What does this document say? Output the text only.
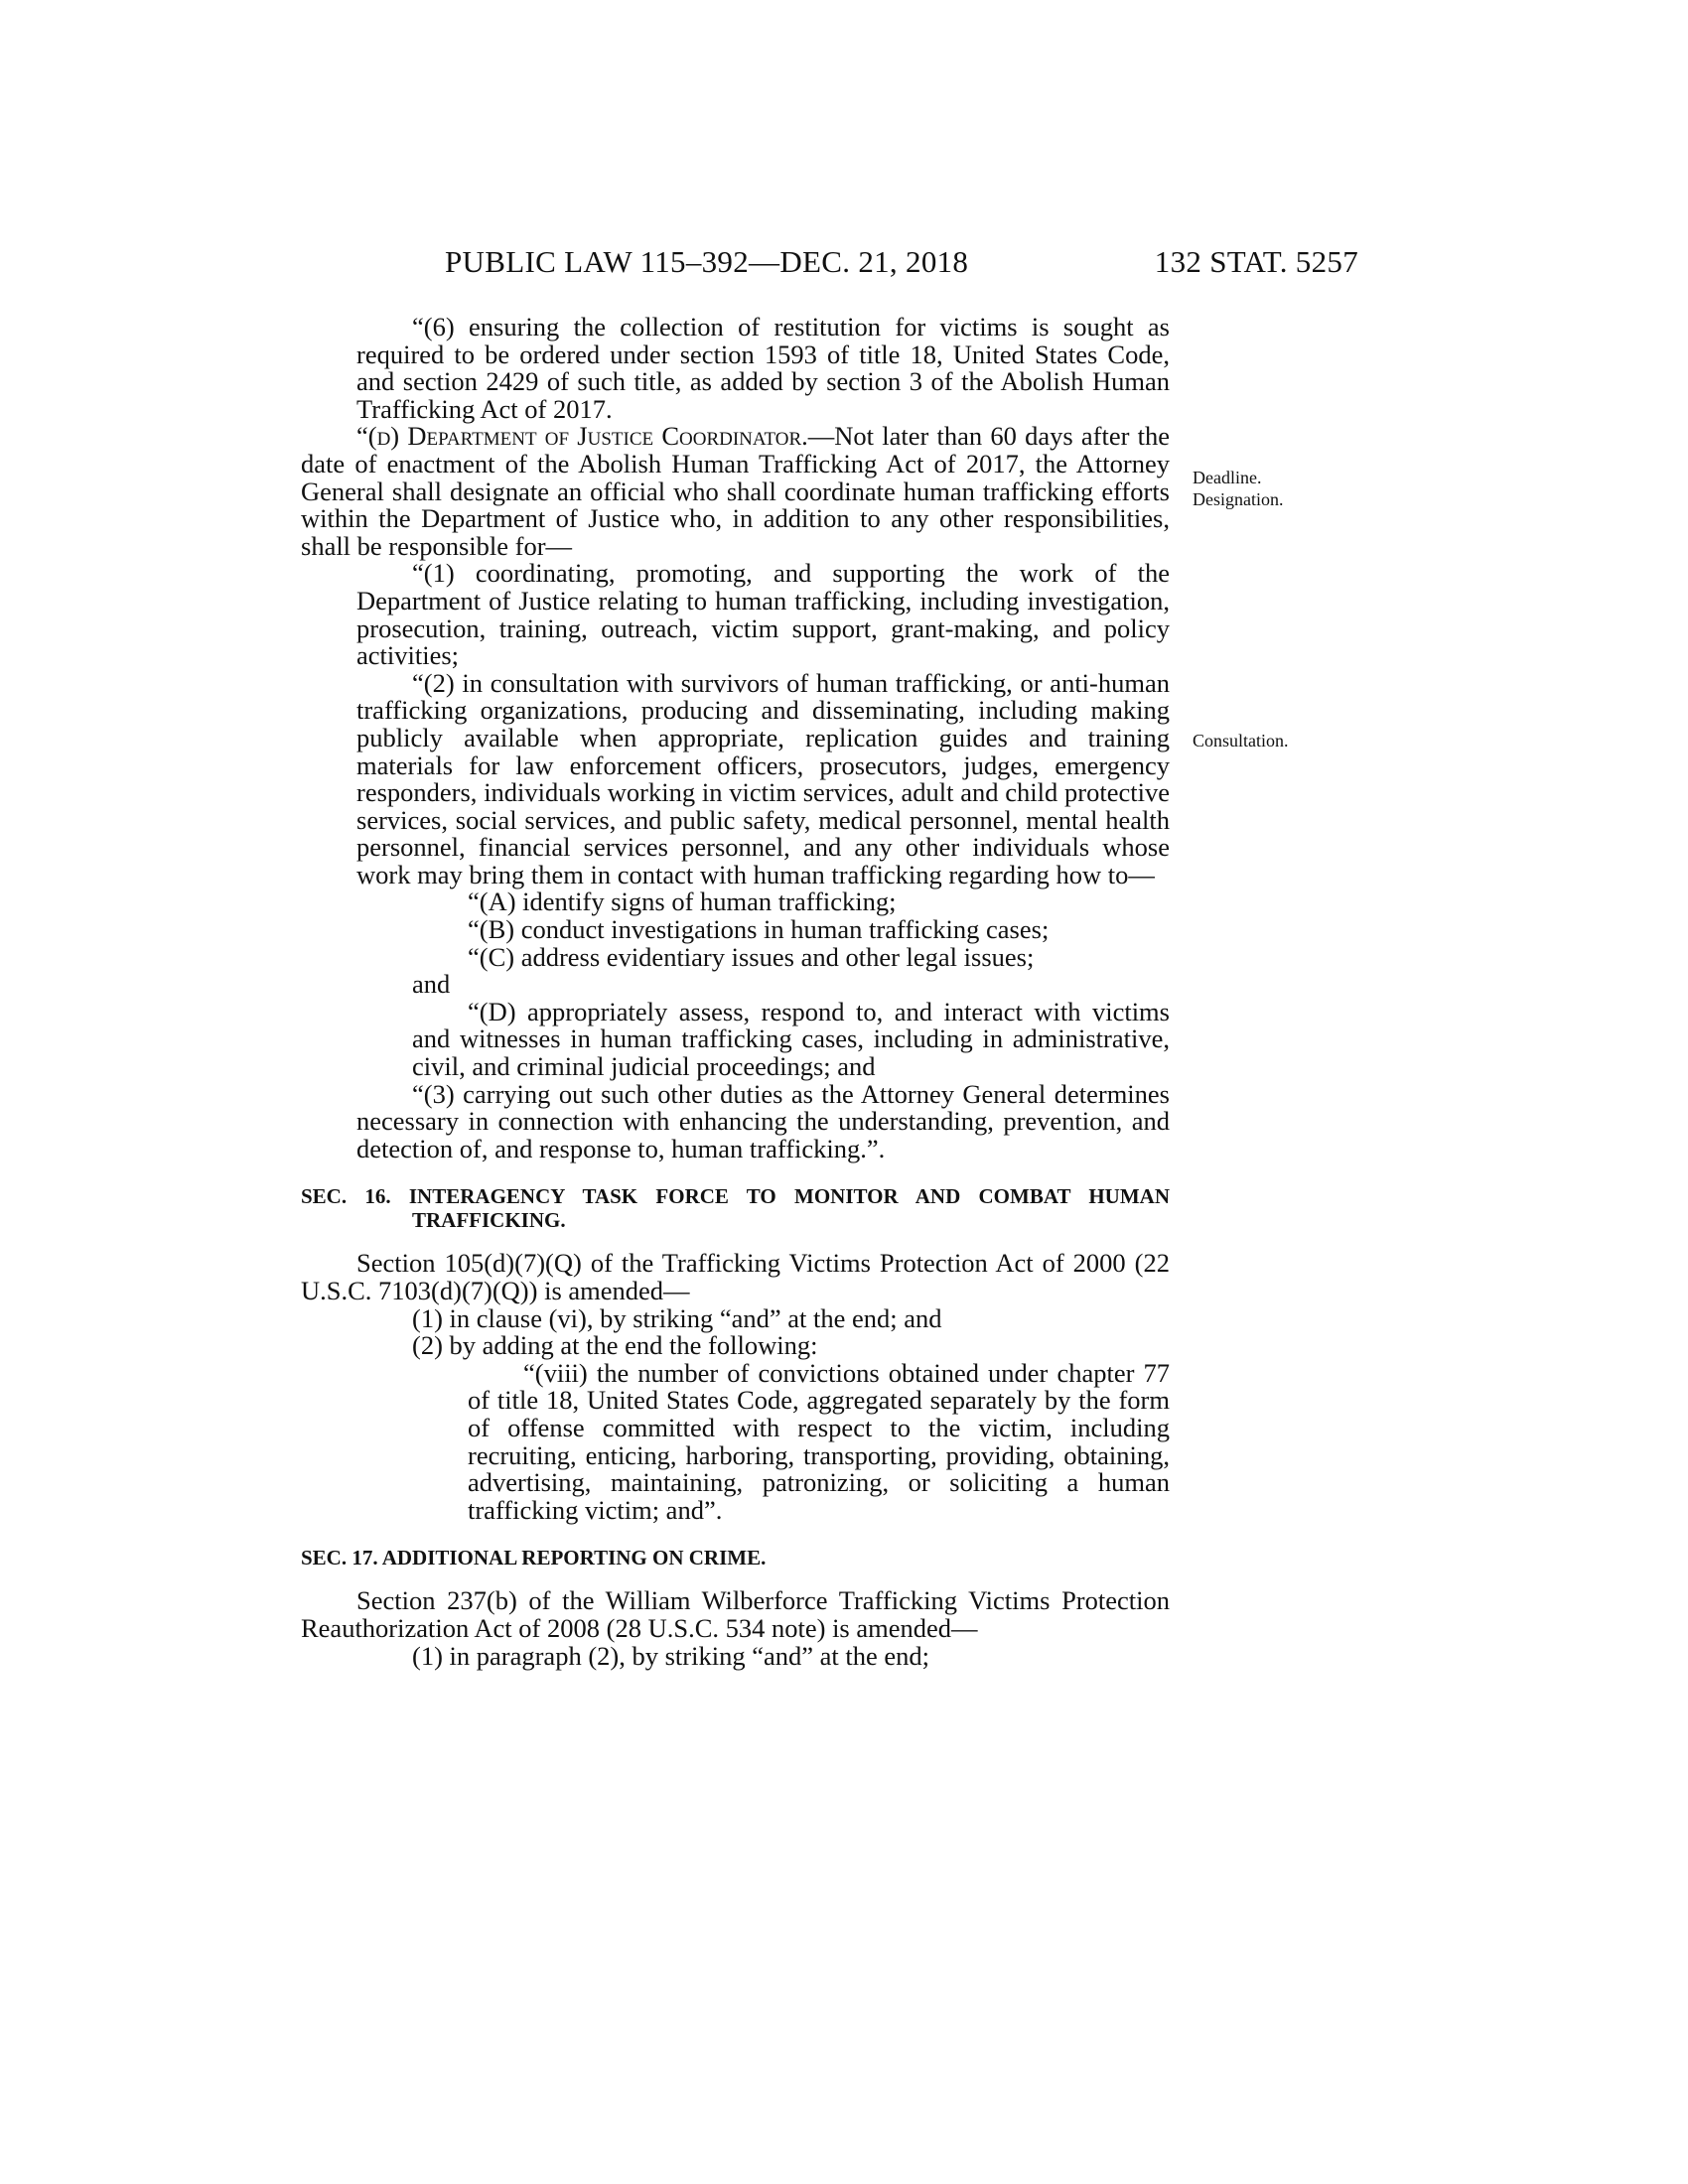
PUBLIC LAW 115–392—DEC. 21, 2018	132 STAT. 5257
Deadline.
Designation.
Consultation.

“(6) ensuring the collection of restitution for victims is sought as required to be ordered under section 1593 of title 18, United States Code, and section 2429 of such title, as added by section 3 of the Abolish Human Trafficking Act of 2017.

“(d) Department of Justice Coordinator.—Not later than 60 days after the date of enactment of the Abolish Human Trafficking Act of 2017, the Attorney General shall designate an official who shall coordinate human trafficking efforts within the Department of Justice who, in addition to any other responsibilities, shall be responsible for—

“(1) coordinating, promoting, and supporting the work of the Department of Justice relating to human trafficking, including investigation, prosecution, training, outreach, victim support, grant-making, and policy activities;

“(2) in consultation with survivors of human trafficking, or anti-human trafficking organizations, producing and disseminating, including making publicly available when appropriate, replication guides and training materials for law enforcement officers, prosecutors, judges, emergency responders, individuals working in victim services, adult and child protective services, social services, and public safety, medical personnel, mental health personnel, financial services personnel, and any other individuals whose work may bring them in contact with human trafficking regarding how to—

“(A) identify signs of human trafficking;

“(B) conduct investigations in human trafficking cases;

“(C) address evidentiary issues and other legal issues;

and

“(D) appropriately assess, respond to, and interact with victims and witnesses in human trafficking cases, including in administrative, civil, and criminal judicial proceedings; and

“(3) carrying out such other duties as the Attorney General determines necessary in connection with enhancing the understanding, prevention, and detection of, and response to, human trafficking.”.

SEC. 16. INTERAGENCY TASK FORCE TO MONITOR AND COMBAT HUMAN TRAFFICKING.

Section 105(d)(7)(Q) of the Trafficking Victims Protection Act of 2000 (22 U.S.C. 7103(d)(7)(Q)) is amended—

(1) in clause (vi), by striking “and” at the end; and

(2) by adding at the end the following:

“(viii) the number of convictions obtained under chapter 77 of title 18, United States Code, aggregated separately by the form of offense committed with respect to the victim, including recruiting, enticing, harboring, transporting, providing, obtaining, advertising, maintaining, patronizing, or soliciting a human trafficking victim; and”.

SEC. 17. ADDITIONAL REPORTING ON CRIME.

Section 237(b) of the William Wilberforce Trafficking Victims Protection Reauthorization Act of 2008 (28 U.S.C. 534 note) is amended—

(1) in paragraph (2), by striking “and” at the end;
